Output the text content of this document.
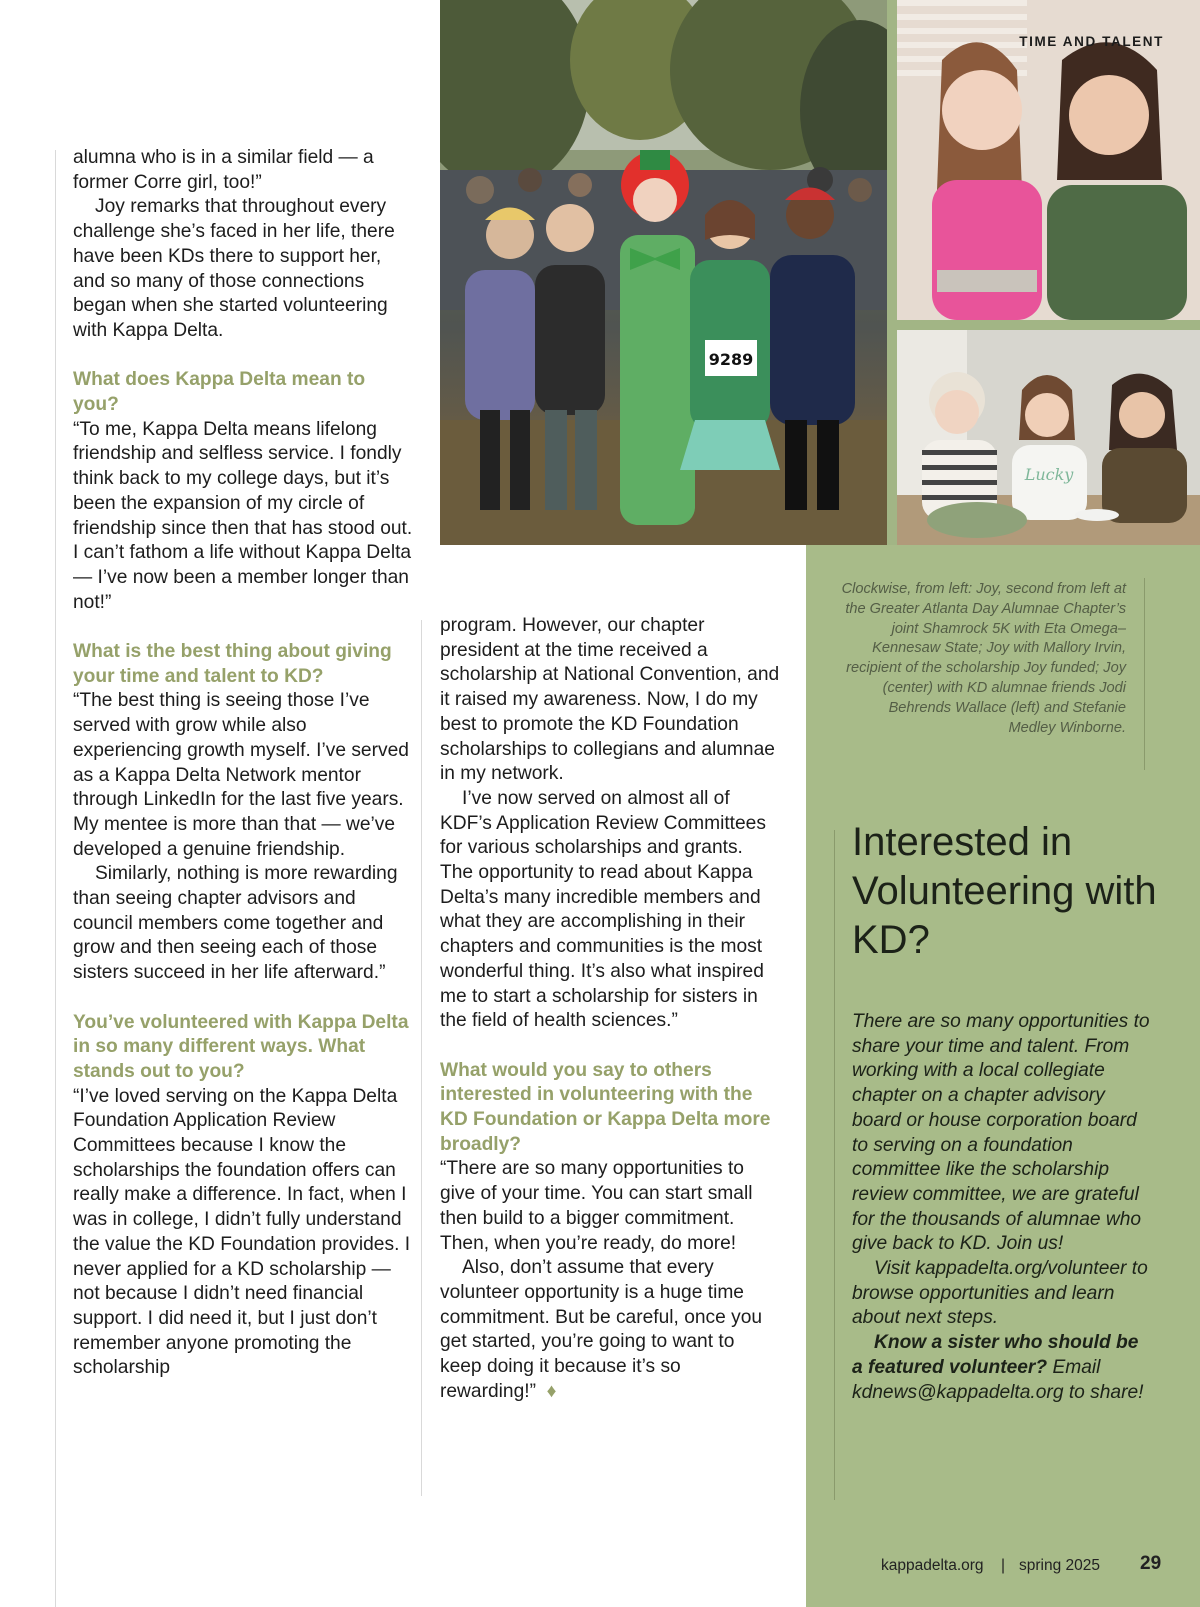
alumna who is in a similar field — a former Corre girl, too!”

Joy remarks that throughout every challenge she’s faced in her life, there have been KDs there to support her, and so many of those connections began when she started volunteering with Kappa Delta.

What does Kappa Delta mean to you?

“To me, Kappa Delta means lifelong friendship and selfless service. I fondly think back to my college days, but it’s been the expansion of my circle of friendship since then that has stood out. I can’t fathom a life without Kappa Delta — I’ve now been a member longer than not!”

What is the best thing about giving your time and talent to KD?

“The best thing is seeing those I’ve served with grow while also experiencing growth myself. I’ve served as a Kappa Delta Network mentor through LinkedIn for the last five years. My mentee is more than that — we’ve developed a genuine friendship.

Similarly, nothing is more rewarding than seeing chapter advisors and council members come together and grow and then seeing each of those sisters succeed in her life afterward.”

You’ve volunteered with Kappa Delta in so many different ways. What stands out to you?

“I’ve loved serving on the Kappa Delta Foundation Application Review Committees because I know the scholarships the foundation offers can really make a difference. In fact, when I was in college, I didn’t fully understand the value the KD Foundation provides. I never applied for a KD scholarship — not because I didn’t need financial support. I did need it, but I just don’t remember anyone promoting the scholarship

program. However, our chapter president at the time received a scholarship at National Convention, and it raised my awareness. Now, I do my best to promote the KD Foundation scholarships to collegians and alumnae in my network.

I’ve now served on almost all of KDF’s Application Review Committees for various scholarships and grants. The opportunity to read about Kappa Delta’s many incredible members and what they are accomplishing in their chapters and communities is the most wonderful thing. It’s also what inspired me to start a scholarship for sisters in the field of health sciences.”

What would you say to others interested in volunteering with the KD Foundation or Kappa Delta more broadly?

“There are so many opportunities to give of your time. You can start small then build to a bigger commitment. Then, when you’re ready, do more!

Also, don’t assume that every volunteer opportunity is a huge time commitment. But be careful, once you get started, you’re going to want to keep doing it because it’s so rewarding!” ♦

9289
Lucky
TIME AND TALENT
Clockwise, from left: Joy, second from left at the Greater Atlanta Day Alumnae Chapter’s joint Shamrock 5K with Eta Omega–Kennesaw State; Joy with Mallory Irvin, recipient of the scholarship Joy funded; Joy (center) with KD alumnae friends Jodi Behrends Wallace (left) and Stefanie Medley Winborne.
Interested in Volunteering with KD?

There are so many opportunities to share your time and talent. From working with a local collegiate chapter on a chapter advisory board or house corporation board to serving on a foundation committee like the scholarship review committee, we are grateful for the thousands of alumnae who give back to KD. Join us!

Visit kappadelta.org/volunteer to browse opportunities and learn about next steps.

Know a sister who should be a featured volunteer? Email kdnews@kappadelta.org to share!

kappadelta.org | spring 2025 29
